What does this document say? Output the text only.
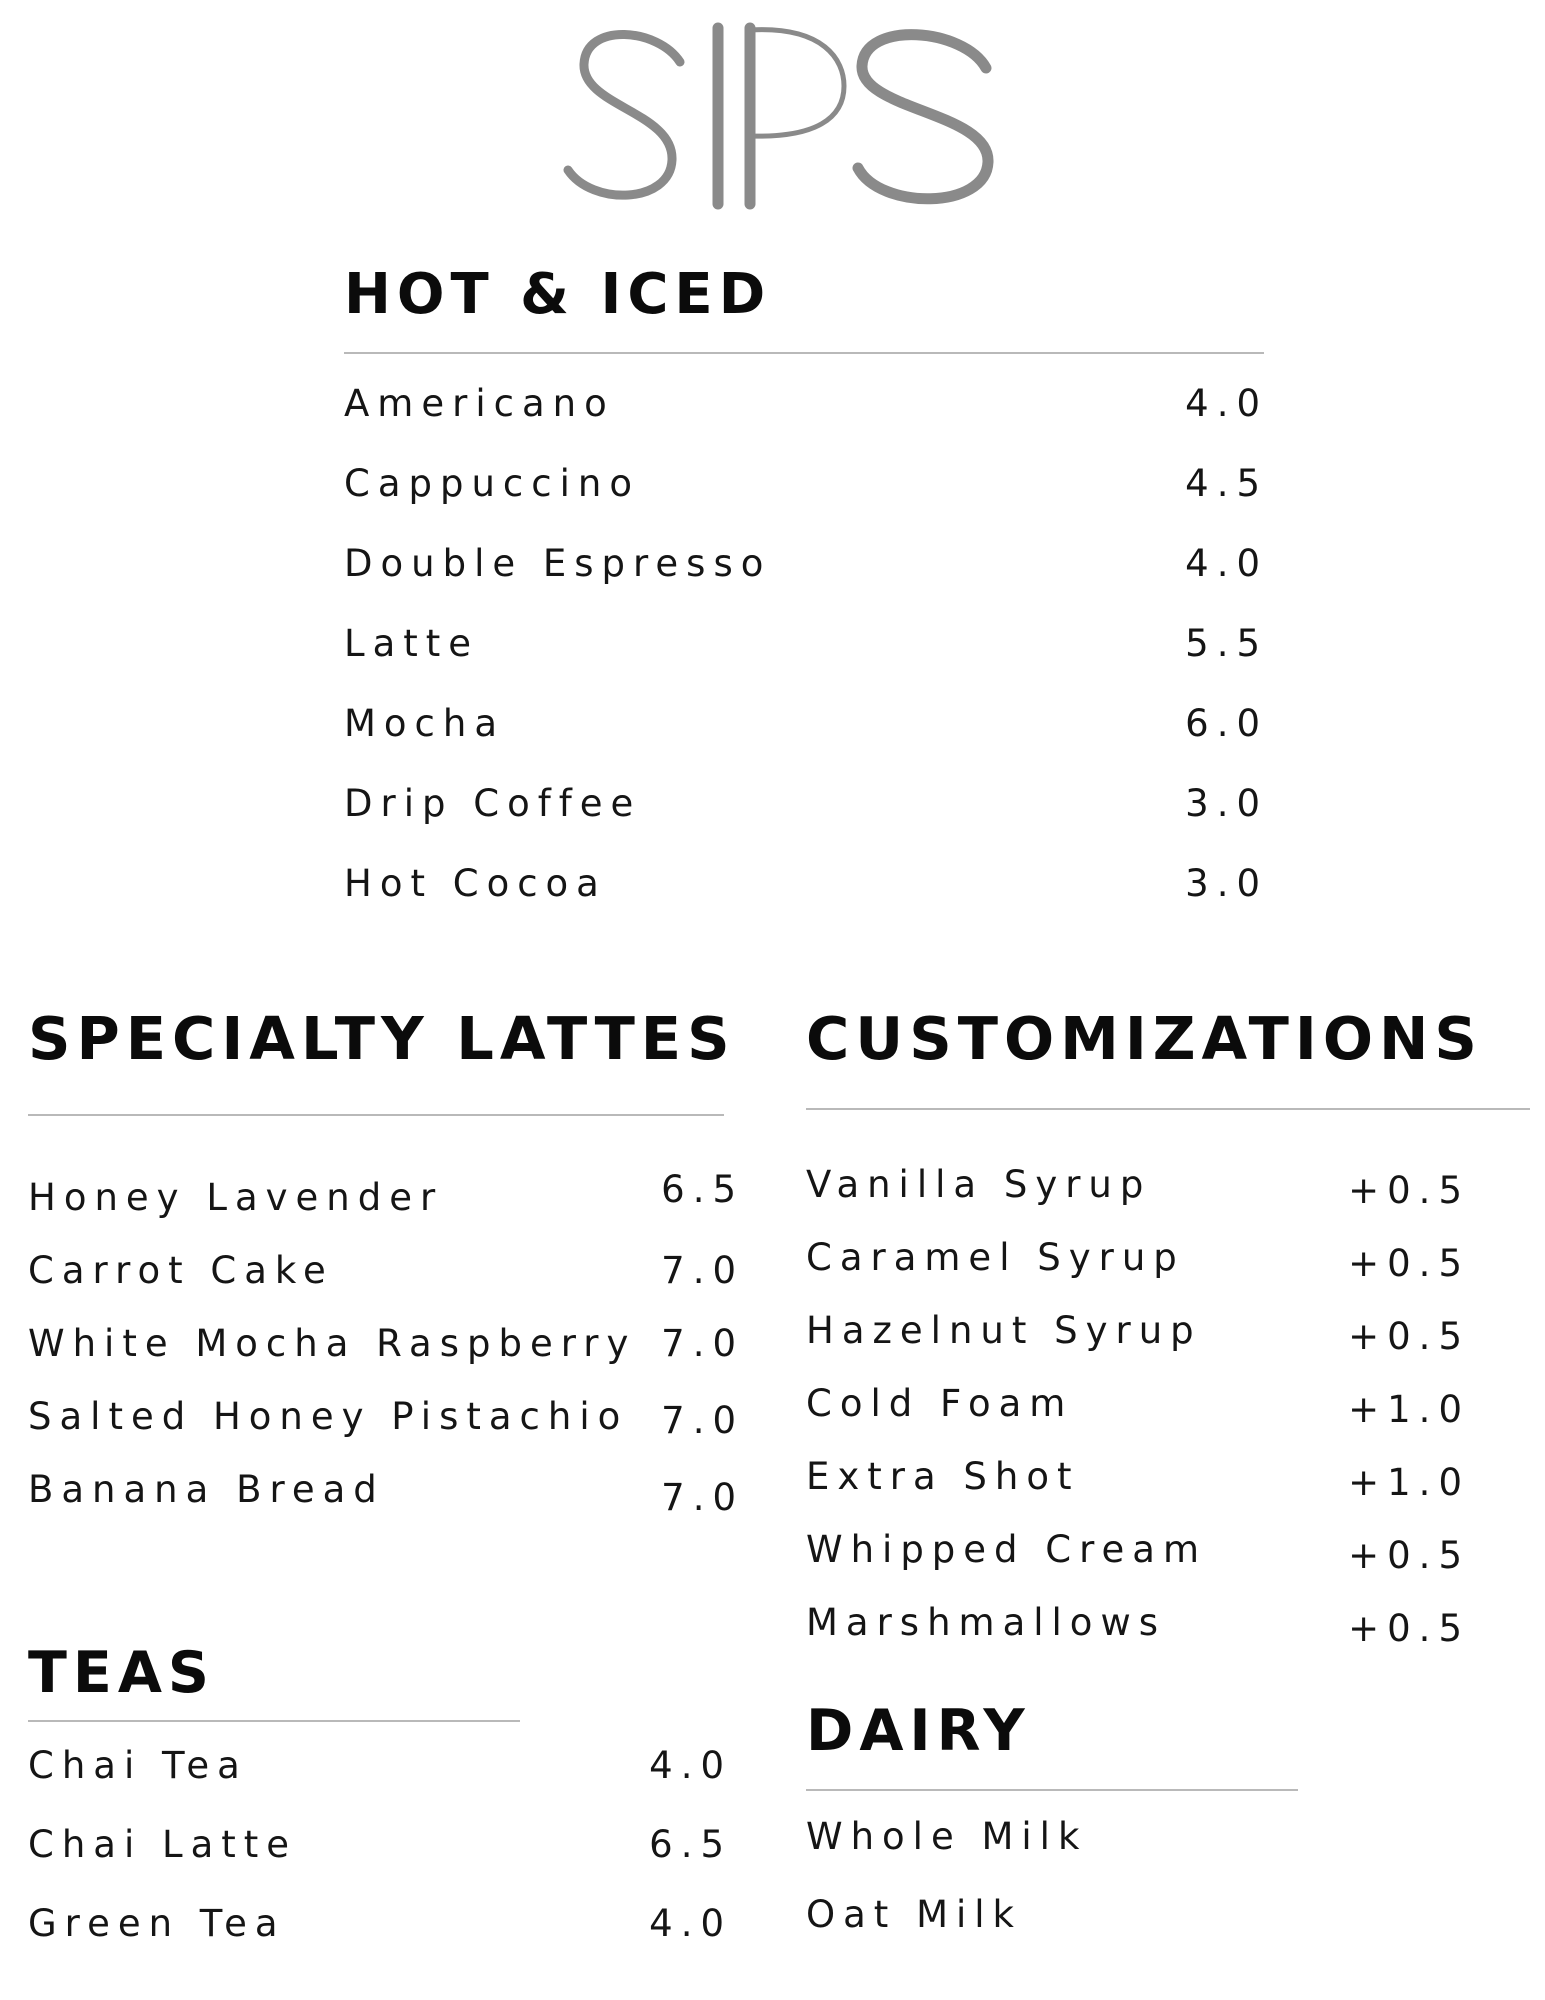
HOT & ICED
Americano	4.0
Cappuccino	4.5
Double Espresso	4.0
Latte	5.5
Mocha	6.0
Drip Coffee	3.0
Hot Cocoa	3.0
SPECIALTY LATTES
Honey Lavender	6.5
Carrot Cake	7.0
White Mocha Raspberry 7.0
Salted Honey Pistachio 7.0
Banana Bread	7.0
CUSTOMIZATIONS
Vanilla Syrup	+0.5
Caramel Syrup	+0.5
Hazelnut Syrup	+0.5
Cold Foam	+1.0
Extra Shot	+1.0
Whipped Cream	+0.5
Marshmallows	+0.5
TEAS
Chai Tea	4.0
Chai Latte	6.5
Green Tea	4.0
DAIRY
Whole Milk
Oat Milk
